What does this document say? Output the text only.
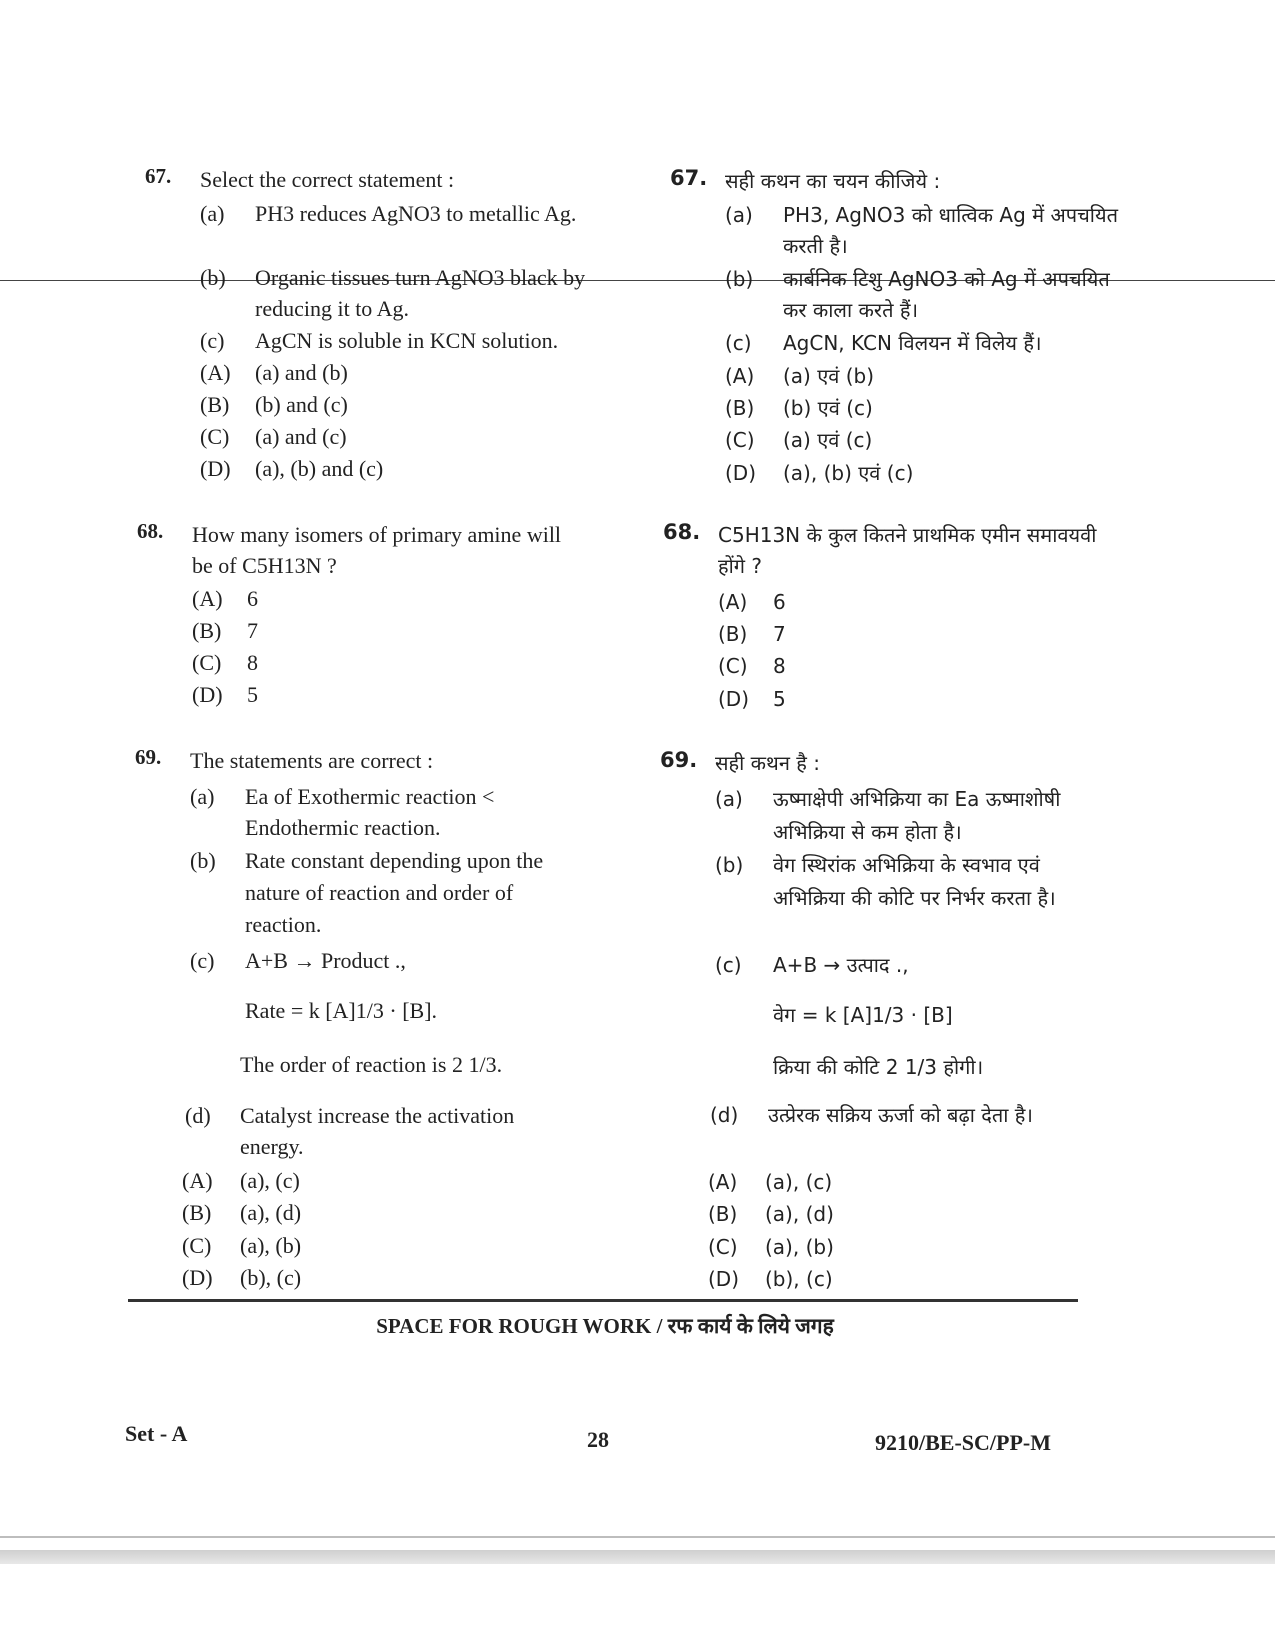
67. Select the correct statement :
(a) PH3 reduces AgNO3 to metallic Ag.
(b) Organic tissues turn AgNO3 black by reducing it to Ag.
(c) AgCN is soluble in KCN solution.
(A) (a) and (b)
(B) (b) and (c)
(C) (a) and (c)
(D) (a), (b) and (c)
68. How many isomers of primary amine will
be of C5H13N ?
(A) 6
(B) 7
(C) 8
(D) 5
69. The statements are correct :
(a) Ea of Exothermic reaction <
Endothermic reaction.
(b) Rate constant depending upon the
nature of reaction and order of
reaction.
(c) A+B → Product .,
Rate = k [A]1/3 · [B].
The order of reaction is 2 1/3.
(d) Catalyst increase the activation
energy.
(A) (a), (c)
(B) (a), (d)
(C) (a), (b)
(D) (b), (c)
67. सही कथन का चयन कीजिये :
(a) PH3, AgNO3 को धात्विक Ag में अपचयित
करती है।
(b) कार्बनिक टिशु AgNO3 को Ag में अपचयित
कर काला करते हैं।
(c) AgCN, KCN विलयन में विलेय हैं।
(A) (a) एवं (b)
(B) (b) एवं (c)
(C) (a) एवं (c)
(D) (a), (b) एवं (c)
68. C5H13N के कुल कितने प्राथमिक एमीन समावयवी
होंगे ?
(A) 6
(B) 7
(C) 8
(D) 5
69. सही कथन है :
(a) ऊष्माक्षेपी अभिक्रिया का Ea ऊष्माशोषी
अभिक्रिया से कम होता है।
(b) वेग स्थिरांक अभिक्रिया के स्वभाव एवं
अभिक्रिया की कोटि पर निर्भर करता है।
(c) A+B → उत्पाद .,
वेग = k [A]1/3 · [B]
क्रिया की कोटि 2 1/3 होगी।
(d) उत्प्रेरक सक्रिय ऊर्जा को बढ़ा देता है।
(A) (a), (c)
(B) (a), (d)
(C) (a), (b)
(D) (b), (c)
SPACE FOR ROUGH WORK / रफ कार्य के लिये जगह
Set - A	28	9210/BE-SC/PP-M
